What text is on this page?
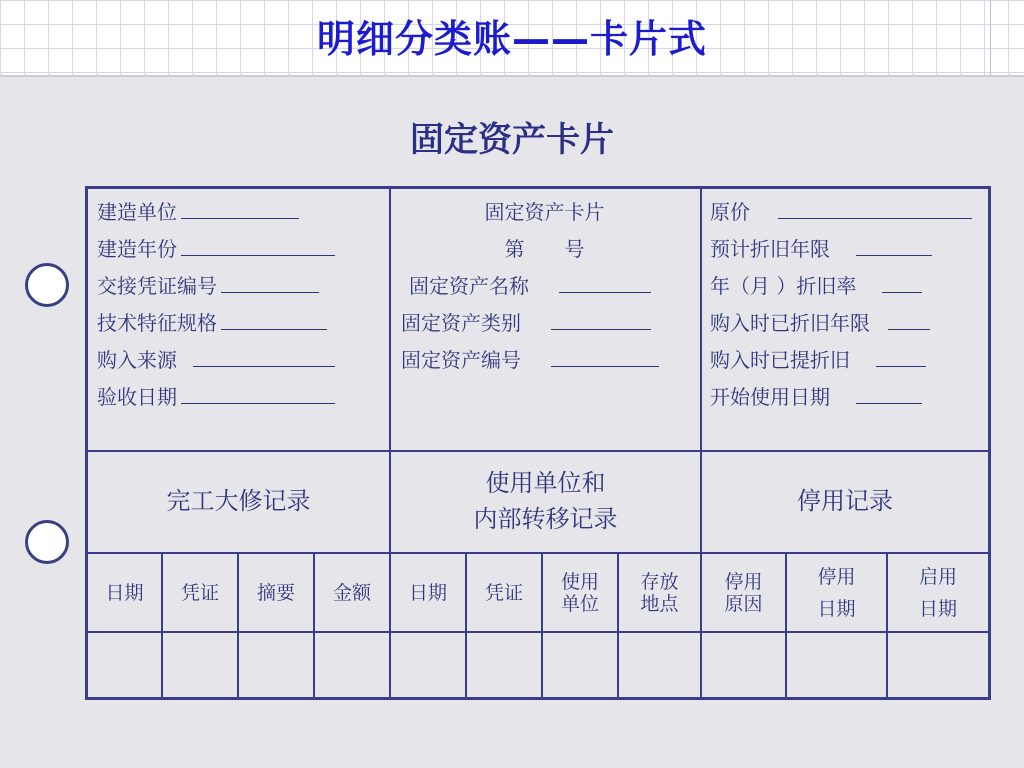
明细分类账——卡片式
固定资产卡片
建造单位
建造年份
交接凭证编号
技术特征规格
购入来源
验收日期
固定资产卡片
第　　号
固定资产名称
固定资产类别
固定资产编号
原价
预计折旧年限
年（月 ）折旧率
购入时已折旧年限
购入时已提折旧
开始使用日期
完工大修记录
使用单位和
内部转移记录
停用记录
日期 凭证 摘要 金额 日期 凭证 使用
单位
存放
地点
停用
原因
停用
日期
启用
日期
